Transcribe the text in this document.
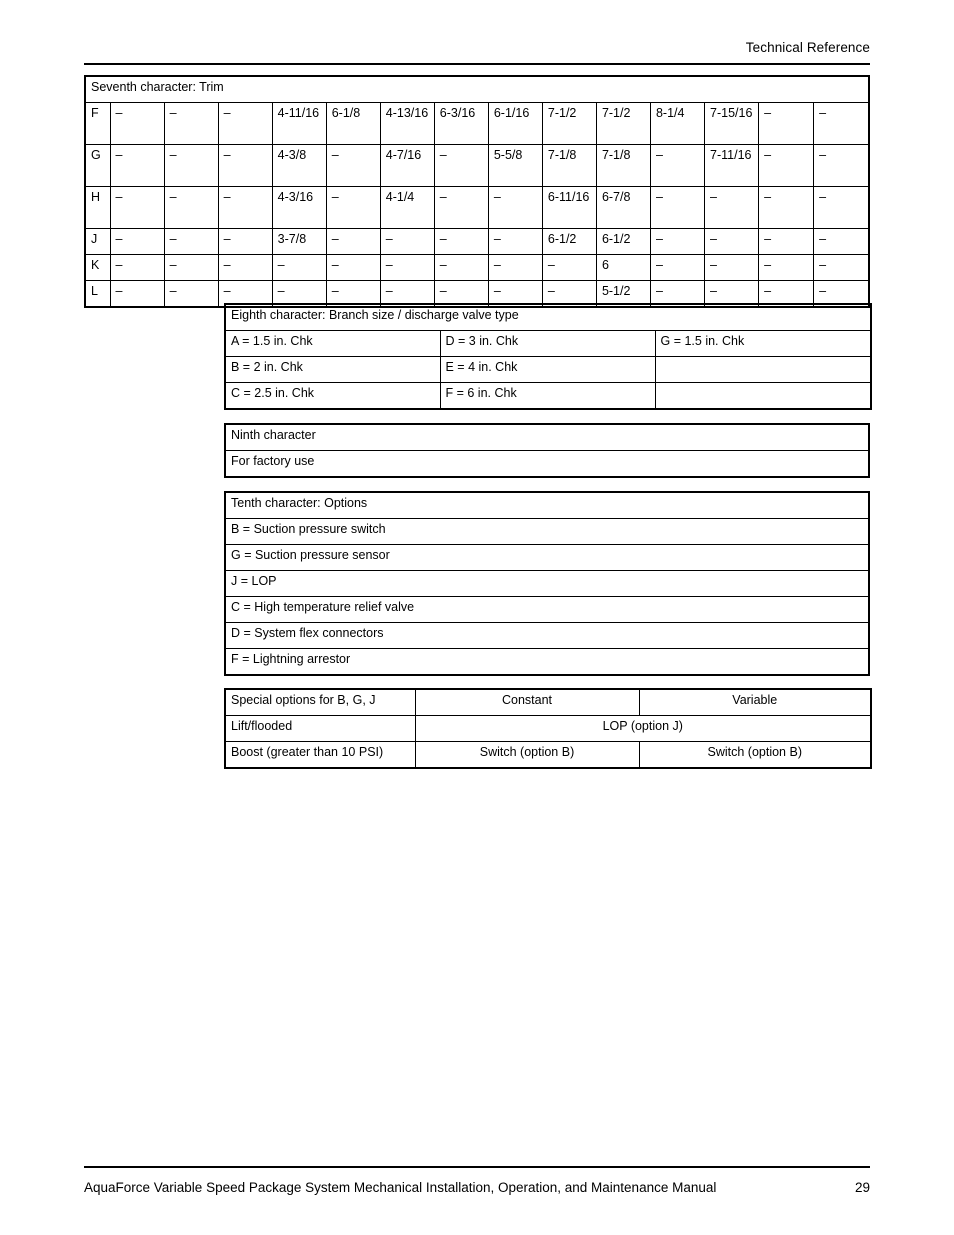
Technical Reference
Seventh character: Trim														
F	–	–	–	4-11/16	6-1/8	4-13/16	6-3/16	6-1/16	7-1/2	7-1/2	8-1/4	7-15/16	–	–
G	–	–	–	4-3/8	–	4-7/16	–	5-5/8	7-1/8	7-1/8	–	7-11/16	–	–
H	–	–	–	4-3/16	–	4-1/4	–	–	6-11/16	6-7/8	–	–	–	–
J	–	–	–	3-7/8	–	–	–	–	6-1/2	6-1/2	–	–	–	–
K	–	–	–	–	–	–	–	–	–	6	–	–	–	–
L	–	–	–	–	–	–	–	–	–	5-1/2	–	–	–	–
Eighth character: Branch size / discharge valve type		
A = 1.5 in. Chk	D = 3 in. Chk	G = 1.5 in. Chk
B = 2 in. Chk	E = 4 in. Chk	
C = 2.5 in. Chk	F = 6 in. Chk	
Ninth character
For factory use
Tenth character: Options
B = Suction pressure switch
G = Suction pressure sensor
J = LOP
C = High temperature relief valve
D = System flex connectors
F = Lightning arrestor
Special options for B, G, J	Constant	Variable
Lift/flooded	LOP (option J)	
Boost (greater than 10 PSI)	Switch (option B)	Switch (option B)
AquaForce Variable Speed Package System Mechanical Installation, Operation, and Maintenance Manual	29
